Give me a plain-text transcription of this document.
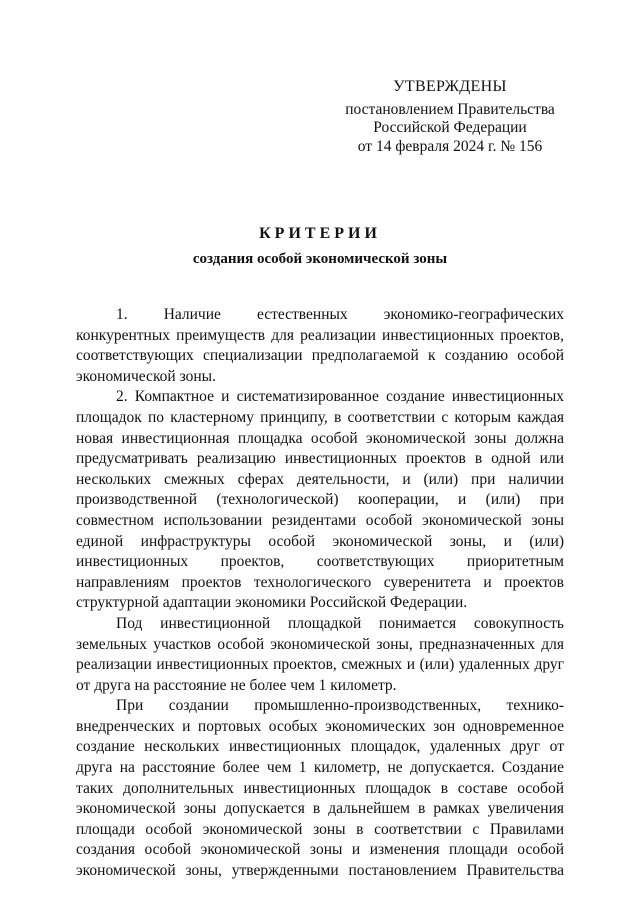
УТВЕРЖДЕНЫ
постановлением Правительства
Российской Федерации
от 14 февраля 2024 г. № 156
КРИТЕРИИ
создания особой экономической зоны

1. Наличие естественных экономико-географических конкурентных преимуществ для реализации инвестиционных проектов, соответствующих специализации предполагаемой к созданию особой экономической зоны.

2. Компактное и систематизированное создание инвестиционных площадок по кластерному принципу, в соответствии с которым каждая новая инвестиционная площадка особой экономической зоны должна предусматривать реализацию инвестиционных проектов в одной или нескольких смежных сферах деятельности, и (или) при наличии производственной (технологической) кооперации, и (или) при совместном использовании резидентами особой экономической зоны единой инфраструктуры особой экономической зоны, и (или) инвестиционных проектов, соответствующих приоритетным направлениям проектов технологического суверенитета и проектов структурной адаптации экономики Российской Федерации.

Под инвестиционной площадкой понимается совокупность земельных участков особой экономической зоны, предназначенных для реализации инвестиционных проектов, смежных и (или) удаленных друг от друга на расстояние не более чем 1 километр.

При создании промышленно-производственных, технико-внедренческих и портовых особых экономических зон одновременное создание нескольких инвестиционных площадок, удаленных друг от друга на расстояние более чем 1 километр, не допускается. Создание таких дополнительных инвестиционных площадок в составе особой экономической зоны допускается в дальнейшем в рамках увеличения площади особой экономической зоны в соответствии с Правилами создания особой экономической зоны и изменения площади особой экономической зоны, утвержденными постановлением Правительства
